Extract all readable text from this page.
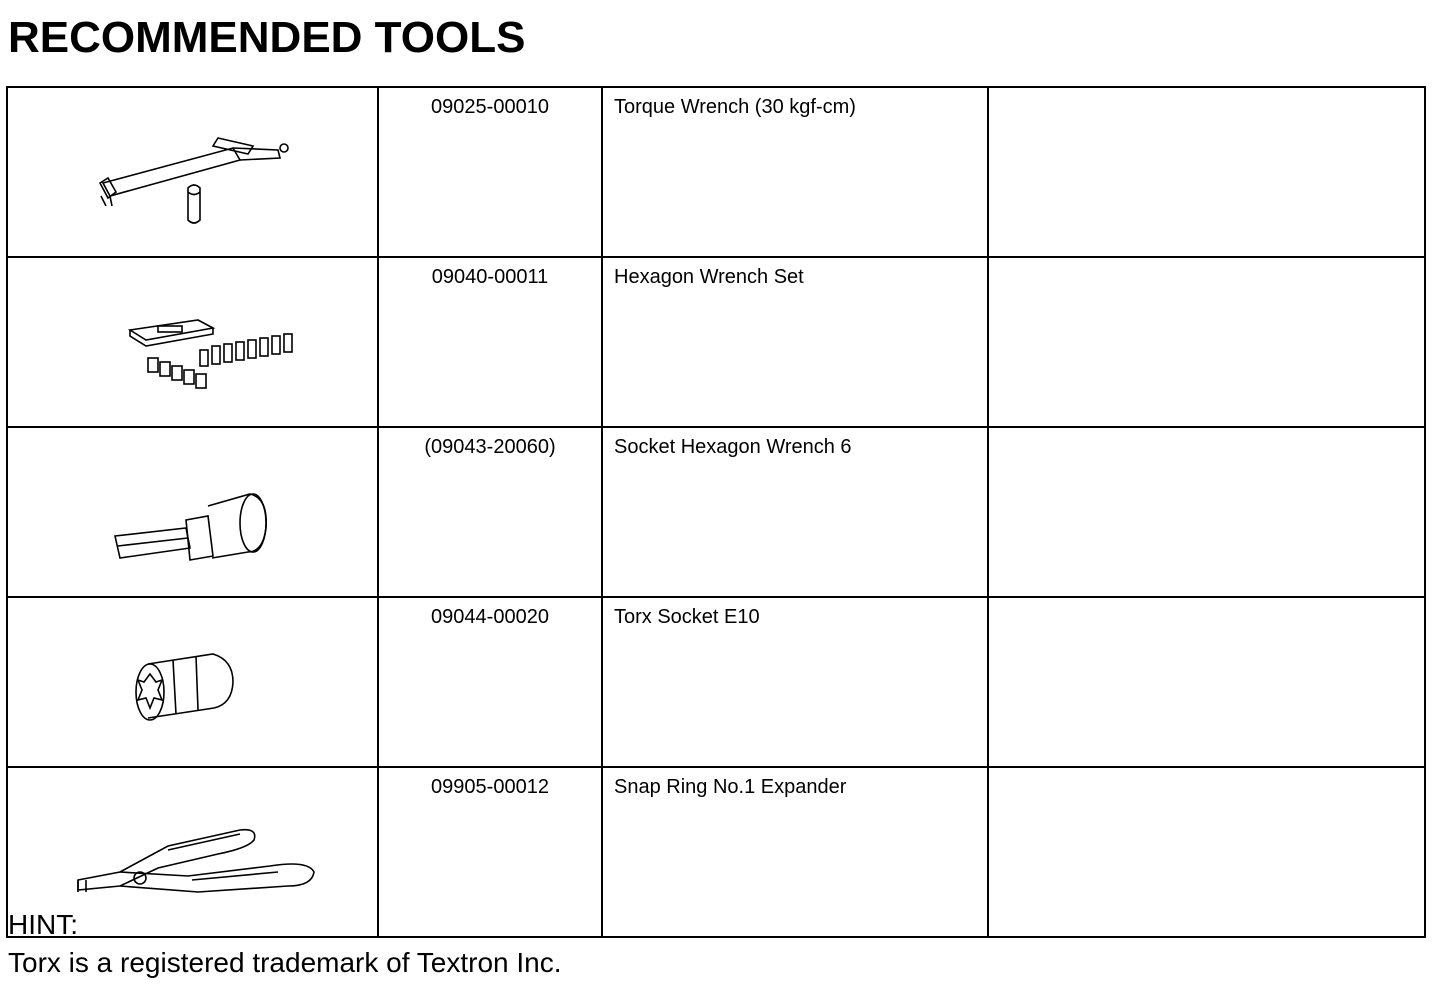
RECOMMENDED TOOLS
	09025-00010	Torque Wrench (30 kgf-cm)	

	09040-00011	Hexagon Wrench Set	

	(09043-20060)	Socket Hexagon Wrench 6	

	09044-00020	Torx Socket E10	

	09905-00012	Snap Ring No.1 Expander	
HINT:
Torx is a registered trademark of Textron Inc.
